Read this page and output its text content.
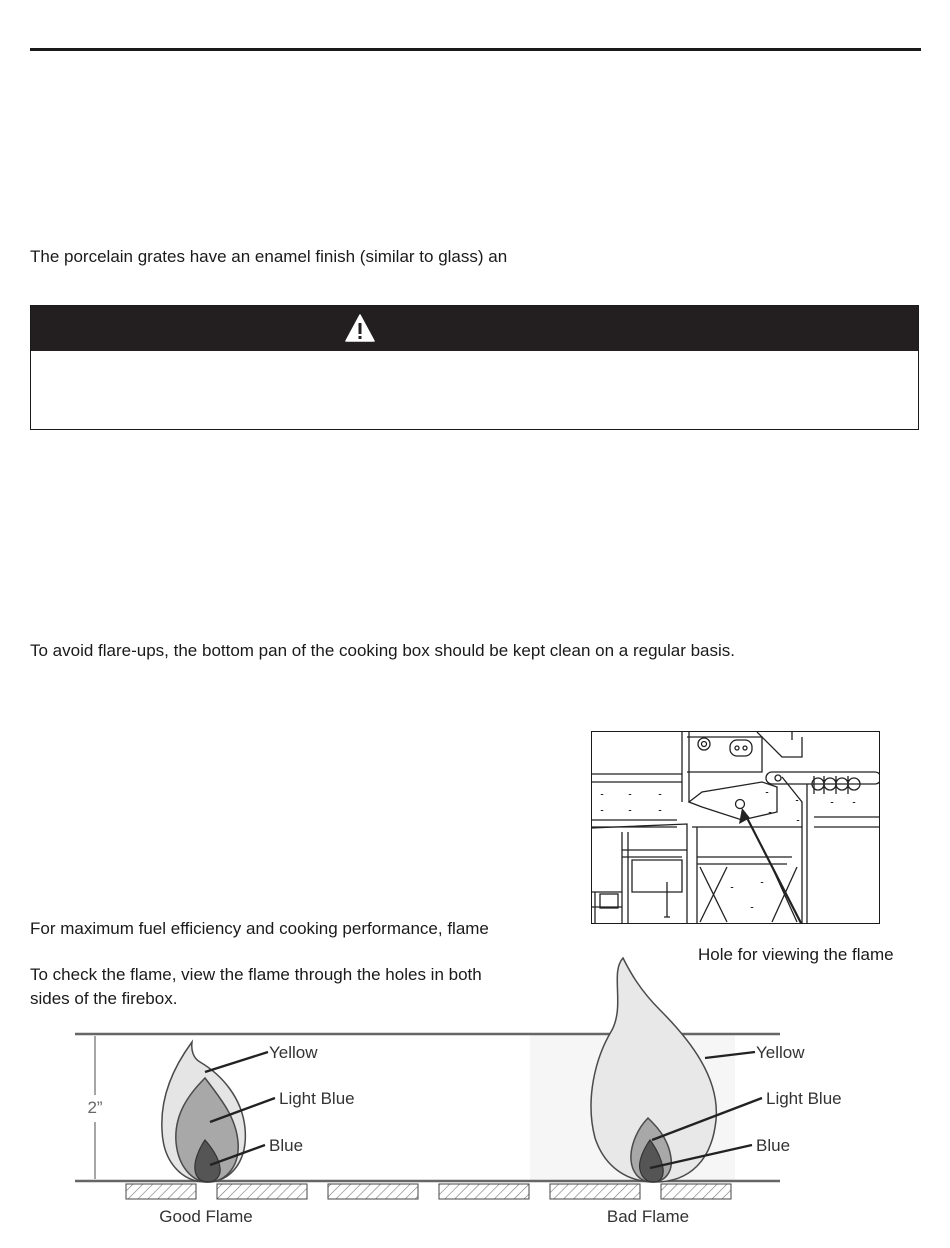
The porcelain grates have an enamel finish (similar to glass) an
To avoid flare-ups, the bottom pan of the cooking box should be kept clean on a regular basis.
Hole for viewing the flame
For maximum fuel efficiency and cooking performance, flame
To check the flame, view the flame through the holes in both
sides of the firebox.
2”
Yellow
Light Blue
Blue
Good Flame
Yellow
Light Blue
Blue
Bad Flame
